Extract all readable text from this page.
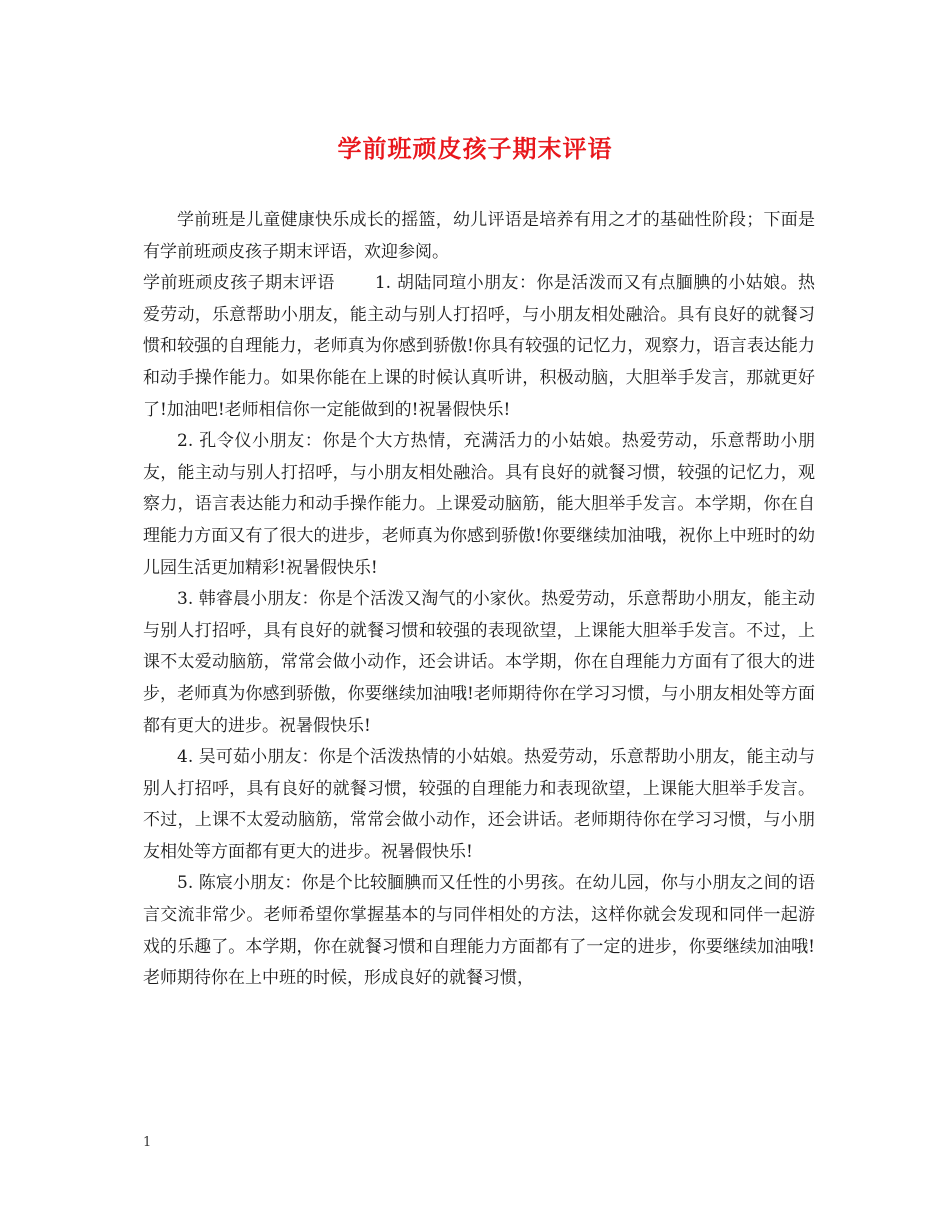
学前班顽皮孩子期末评语

学前班是儿童健康快乐成长的摇篮，幼儿评语是培养有用之才的基础性阶段；下面是有学前班顽皮孩子期末评语，欢迎参阅。

学前班顽皮孩子期末评语 1. 胡陆同瑄小朋友：你是活泼而又有点腼腆的小姑娘。热爱劳动，乐意帮助小朋友，能主动与别人打招呼，与小朋友相处融洽。具有良好的就餐习惯和较强的自理能力，老师真为你感到骄傲!你具有较强的记忆力，观察力，语言表达能力和动手操作能力。如果你能在上课的时候认真听讲，积极动脑，大胆举手发言，那就更好了!加油吧!老师相信你一定能做到的!祝暑假快乐!

2. 孔令仪小朋友：你是个大方热情，充满活力的小姑娘。热爱劳动，乐意帮助小朋友，能主动与别人打招呼，与小朋友相处融洽。具有良好的就餐习惯，较强的记忆力，观察力，语言表达能力和动手操作能力。上课爱动脑筋，能大胆举手发言。本学期，你在自理能力方面又有了很大的进步，老师真为你感到骄傲!你要继续加油哦，祝你上中班时的幼儿园生活更加精彩!祝暑假快乐!

3. 韩睿晨小朋友：你是个活泼又淘气的小家伙。热爱劳动，乐意帮助小朋友，能主动与别人打招呼，具有良好的就餐习惯和较强的表现欲望，上课能大胆举手发言。不过，上课不太爱动脑筋，常常会做小动作，还会讲话。本学期，你在自理能力方面有了很大的进步，老师真为你感到骄傲，你要继续加油哦!老师期待你在学习习惯，与小朋友相处等方面都有更大的进步。祝暑假快乐!

4. 吴可茹小朋友：你是个活泼热情的小姑娘。热爱劳动，乐意帮助小朋友，能主动与别人打招呼，具有良好的就餐习惯，较强的自理能力和表现欲望，上课能大胆举手发言。不过，上课不太爱动脑筋，常常会做小动作，还会讲话。老师期待你在学习习惯，与小朋友相处等方面都有更大的进步。祝暑假快乐!

5. 陈宸小朋友：你是个比较腼腆而又任性的小男孩。在幼儿园，你与小朋友之间的语言交流非常少。老师希望你掌握基本的与同伴相处的方法，这样你就会发现和同伴一起游戏的乐趣了。本学期，你在就餐习惯和自理能力方面都有了一定的进步，你要继续加油哦!老师期待你在上中班的时候，形成良好的就餐习惯，

1
